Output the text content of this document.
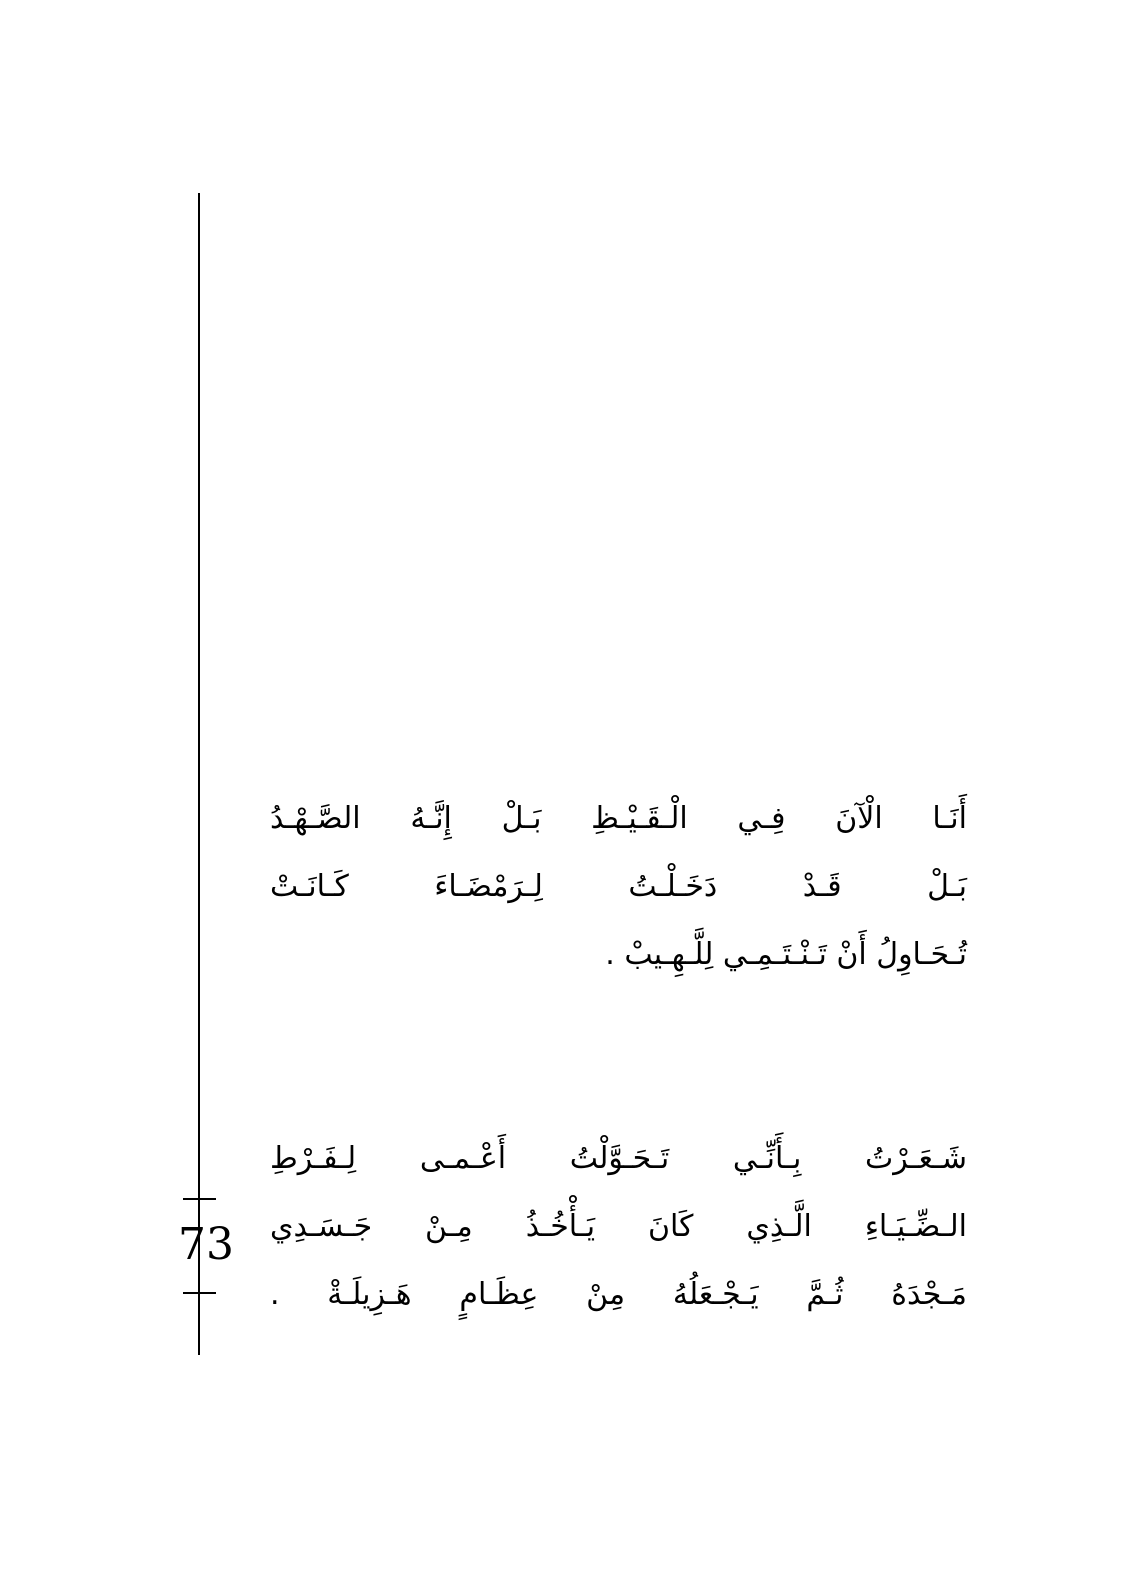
73
أَنَـا الْآنَ فِـي الْـقَـيْـظِ بَـلْ إِنَّـهُ الصَّـهْـدُ
بَـلْ قَـدْ دَخَـلْـتُ لِـرَمْضَـاءَ كَـانَـتْ
تُـحَـاوِلُ أَنْ تَـنْـتَـمِـي لِلَّـهِـيبْ .
شَـعَـرْتُ بِـأَنِّـي تَـحَـوَّلْتُ أَعْـمـى لِـفَـرْطِ
الـضِّـيَـاءِ الَّـذِي كَانَ يَـأْخُـذُ مِـنْ جَـسَـدِي
مَـجْدَهُ ثُـمَّ يَـجْـعَلُهُ مِنْ عِظَـامٍ هَـزِيلَـةْ .
